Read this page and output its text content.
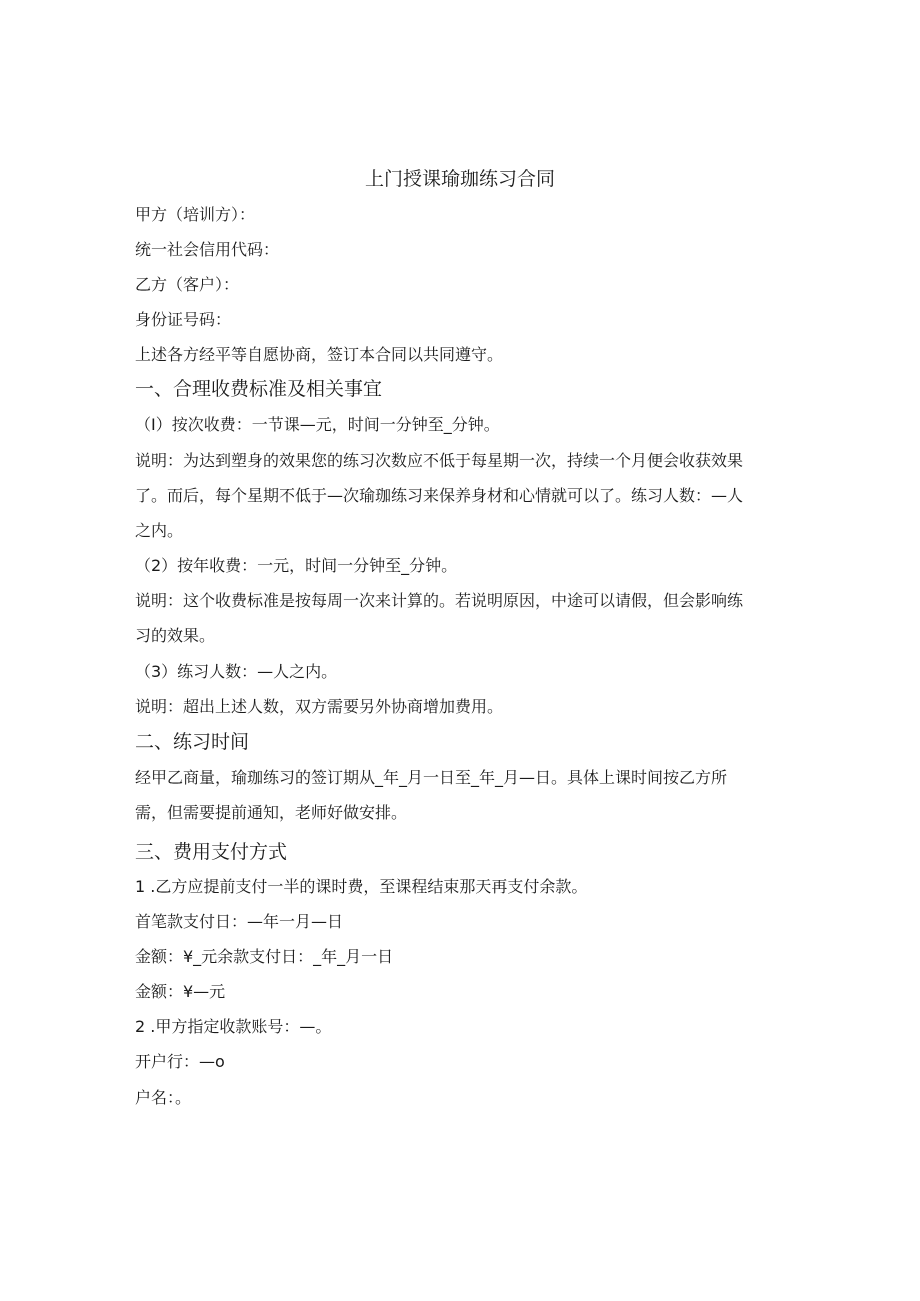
上门授课瑜珈练习合同
甲方（培训方）：
统一社会信用代码：
乙方（客户）：
身份证号码：
上述各方经平等自愿协商，签订本合同以共同遵守。
一、合理收费标准及相关事宜
（I）按次收费：一节课—元，时间一分钟至_分钟。
说明：为达到塑身的效果您的练习次数应不低于每星期一次，持续一个月便会收获效果
了。而后，每个星期不低于—次瑜珈练习来保养身材和心情就可以了。练习人数：—人
之内。
（2）按年收费：一元，时间一分钟至_分钟。
说明：这个收费标准是按每周一次来计算的。若说明原因，中途可以请假，但会影响练
习的效果。
（3）练习人数：—人之内。
说明：超出上述人数，双方需要另外协商增加费用。
二、练习时间
经甲乙商量，瑜珈练习的签订期从_年_月一日至_年_月—日。具体上课时间按乙方所
需，但需要提前通知，老师好做安排。
三、费用支付方式
1 .乙方应提前支付一半的课时费，至课程结束那天再支付余款。
首笔款支付日：—年一月—日
金额：¥_元余款支付日：_年_月一日
金额：¥—元
2 .甲方指定收款账号：—。
开户行：—o
户名：。
